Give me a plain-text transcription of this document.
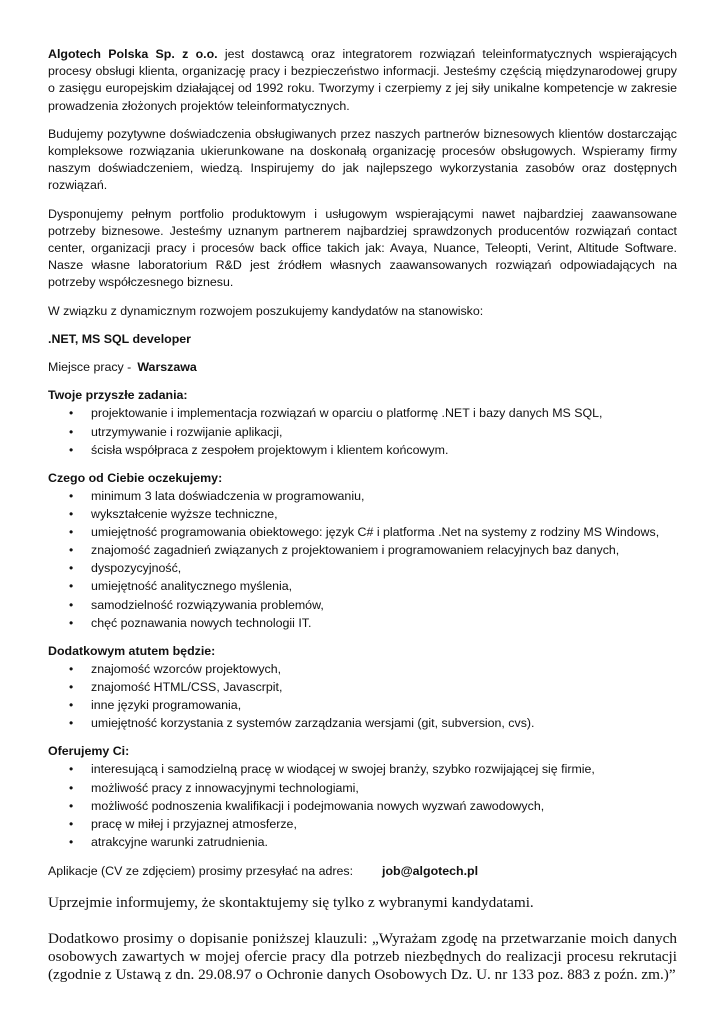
Algotech Polska Sp. z o.o. jest dostawcą oraz integratorem rozwiązań teleinformatycznych wspierających procesy obsługi klienta, organizację pracy i bezpieczeństwo informacji. Jesteśmy częścią międzynarodowej grupy o zasięgu europejskim działającej od 1992 roku. Tworzymy i czerpiemy z jej siły unikalne kompetencje w zakresie prowadzenia złożonych projektów teleinformatycznych.

Budujemy pozytywne doświadczenia obsługiwanych przez naszych partnerów biznesowych klientów dostarczając kompleksowe rozwiązania ukierunkowane na doskonałą organizację procesów obsługowych. Wspieramy firmy naszym doświadczeniem, wiedzą. Inspirujemy do jak najlepszego wykorzystania zasobów oraz dostępnych rozwiązań.

Dysponujemy pełnym portfolio produktowym i usługowym wspierającymi nawet najbardziej zaawansowane potrzeby biznesowe. Jesteśmy uznanym partnerem najbardziej sprawdzonych producentów rozwiązań contact center, organizacji pracy i procesów back office takich jak: Avaya, Nuance, Teleopti, Verint, Altitude Software. Nasze własne laboratorium R&D jest źródłem własnych zaawansowanych rozwiązań odpowiadających na potrzeby współczesnego biznesu.

W związku z dynamicznym rozwojem poszukujemy kandydatów na stanowisko:

.NET, MS SQL developer
Miejsce pracy - Warszawa
Twoje przyszłe zadania:
• projektowanie i implementacja rozwiązań w oparciu o platformę .NET i bazy danych MS SQL,
• utrzymywanie i rozwijanie aplikacji,
• ścisła współpraca z zespołem projektowym i klientem końcowym.
Czego od Ciebie oczekujemy:
• minimum 3 lata doświadczenia w programowaniu,
• wykształcenie wyższe techniczne,
• umiejętność programowania obiektowego: język C# i platforma .Net na systemy z rodziny MS Windows,
• znajomość zagadnień związanych z projektowaniem i programowaniem relacyjnych baz danych,
• dyspozycyjność,
• umiejętność analitycznego myślenia,
• samodzielność rozwiązywania problemów,
• chęć poznawania nowych technologii IT.
Dodatkowym atutem będzie:
• znajomość wzorców projektowych,
• znajomość HTML/CSS, Javascrpit,
• inne języki programowania,
• umiejętność korzystania z systemów zarządzania wersjami (git, subversion, cvs).
Oferujemy Ci:
• interesującą i samodzielną pracę w wiodącej w swojej branży, szybko rozwijającej się firmie,
• możliwość pracy z innowacyjnymi technologiami,
• możliwość podnoszenia kwalifikacji i podejmowania nowych wyzwań zawodowych,
• pracę w miłej i przyjaznej atmosferze,
• atrakcyjne warunki zatrudnienia.
Aplikacje (CV ze zdjęciem) prosimy przesyłać na adres:	job@algotech.pl

Uprzejmie informujemy, że skontaktujemy się tylko z wybranymi kandydatami.

Dodatkowo prosimy o dopisanie poniższej klauzuli: „Wyrażam zgodę na przetwarzanie moich danych osobowych zawartych w mojej ofercie pracy dla potrzeb niezbędnych do realizacji procesu rekrutacji (zgodnie z Ustawą z dn. 29.08.97 o Ochronie danych Osobowych Dz. U. nr 133 poz. 883 z poźn. zm.)”
